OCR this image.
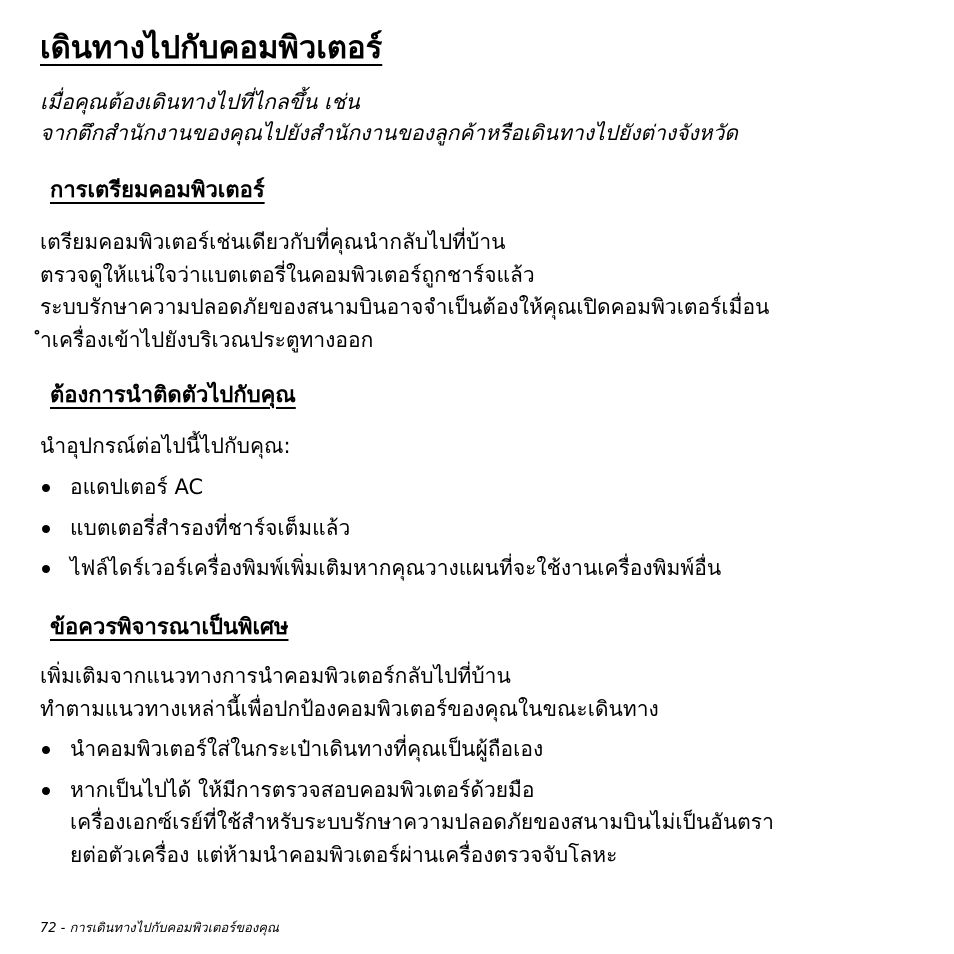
เดินทางไปกับคอมพิวเตอร์
เมื่อคุณต้องเดินทางไปที่ไกลขึ้น เช่น
จากตึกสำนักงานของคุณไปยังสำนักงานของลูกค้าหรือเดินทางไปยังต่างจังหวัด
การเตรียมคอมพิวเตอร์
เตรียมคอมพิวเตอร์เช่นเดียวกับที่คุณนำกลับไปที่บ้าน
ตรวจดูให้แน่ใจว่าแบตเตอรี่ในคอมพิวเตอร์ถูกชาร์จแล้ว
ระบบรักษาความปลอดภัยของสนามบินอาจจำเป็นต้องให้คุณเปิดคอมพิวเตอร์เมื่อน
ำเครื่องเข้าไปยังบริเวณประตูทางออก
ต้องการนำติดตัวไปกับคุณ
นำอุปกรณ์ต่อไปนี้ไปกับคุณ:
อแดปเตอร์ AC
แบตเตอรี่สำรองที่ชาร์จเต็มแล้ว
ไฟล์ไดร์เวอร์เครื่องพิมพ์เพิ่มเติมหากคุณวางแผนที่จะใช้งานเครื่องพิมพ์อื่น
ข้อควรพิจารณาเป็นพิเศษ
เพิ่มเติมจากแนวทางการนำคอมพิวเตอร์กลับไปที่บ้าน
ทำตามแนวทางเหล่านี้เพื่อปกป้องคอมพิวเตอร์ของคุณในขณะเดินทาง
นำคอมพิวเตอร์ใส่ในกระเป๋าเดินทางที่คุณเป็นผู้ถือเอง
หากเป็นไปได้ ให้มีการตรวจสอบคอมพิวเตอร์ด้วยมือ
เครื่องเอกซ์เรย์ที่ใช้สำหรับระบบรักษาความปลอดภัยของสนามบินไม่เป็นอันตรา
ยต่อตัวเครื่อง แต่ห้ามนำคอมพิวเตอร์ผ่านเครื่องตรวจจับโลหะ
72 - การเดินทางไปกับคอมพิวเตอร์ของคุณ
